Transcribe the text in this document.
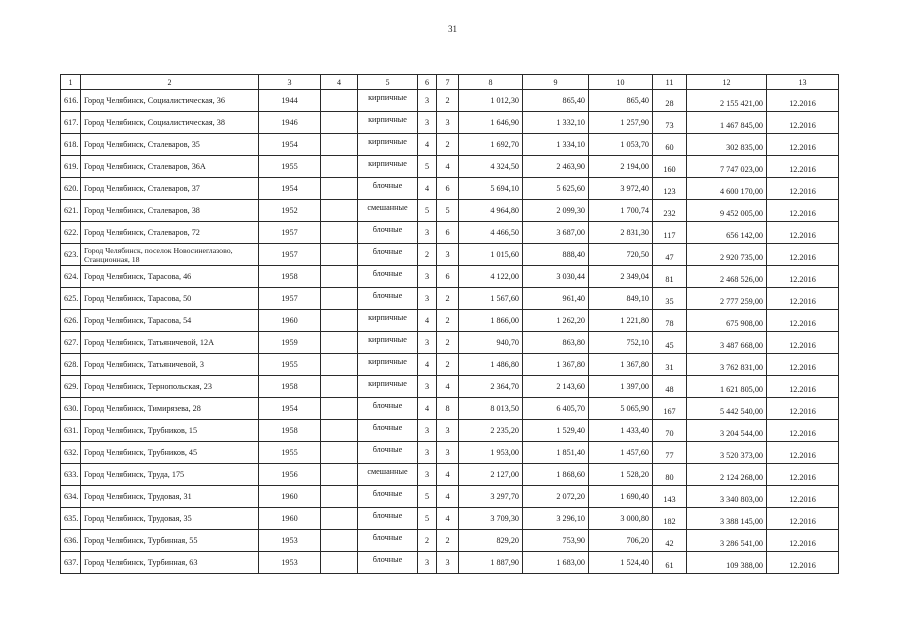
31
1	2	3	4	5	6	7	8	9	10	11	12	13
616.	Город Челябинск, Социалистическая, 36	1944		кирпичные	3	2	1 012,30	865,40	865,40	28	2 155 421,00	12.2016
617.	Город Челябинск, Социалистическая, 38	1946		кирпичные	3	3	1 646,90	1 332,10	1 257,90	73	1 467 845,00	12.2016
618.	Город Челябинск, Сталеваров, 35	1954		кирпичные	4	2	1 692,70	1 334,10	1 053,70	60	302 835,00	12.2016
619.	Город Челябинск, Сталеваров, 36А	1955		кирпичные	5	4	4 324,50	2 463,90	2 194,00	160	7 747 023,00	12.2016
620.	Город Челябинск, Сталеваров, 37	1954		блочные	4	6	5 694,10	5 625,60	3 972,40	123	4 600 170,00	12.2016
621.	Город Челябинск, Сталеваров, 38	1952		смешанные	5	5	4 964,80	2 099,30	1 700,74	232	9 452 005,00	12.2016
622.	Город Челябинск, Сталеваров, 72	1957		блочные	3	6	4 466,50	3 687,00	2 831,30	117	656 142,00	12.2016
623.	Город Челябинск, поселок Новосинеглазово, Станционная, 18	1957		блочные	2	3	1 015,60	888,40	720,50	47	2 920 735,00	12.2016
624.	Город Челябинск, Тарасова, 46	1958		блочные	3	6	4 122,00	3 030,44	2 349,04	81	2 468 526,00	12.2016
625.	Город Челябинск, Тарасова, 50	1957		блочные	3	2	1 567,60	961,40	849,10	35	2 777 259,00	12.2016
626.	Город Челябинск, Тарасова, 54	1960		кирпичные	4	2	1 866,00	1 262,20	1 221,80	78	675 908,00	12.2016
627.	Город Челябинск, Татьяничевой, 12А	1959		кирпичные	3	2	940,70	863,80	752,10	45	3 487 668,00	12.2016
628.	Город Челябинск, Татьяничевой, 3	1955		кирпичные	4	2	1 486,80	1 367,80	1 367,80	31	3 762 831,00	12.2016
629.	Город Челябинск, Тернопольская, 23	1958		кирпичные	3	4	2 364,70	2 143,60	1 397,00	48	1 621 805,00	12.2016
630.	Город Челябинск, Тимирязева, 28	1954		блочные	4	8	8 013,50	6 405,70	5 065,90	167	5 442 540,00	12.2016
631.	Город Челябинск, Трубников, 15	1958		блочные	3	3	2 235,20	1 529,40	1 433,40	70	3 204 544,00	12.2016
632.	Город Челябинск, Трубников, 45	1955		блочные	3	3	1 953,00	1 851,40	1 457,60	77	3 520 373,00	12.2016
633.	Город Челябинск, Труда, 175	1956		смешанные	3	4	2 127,00	1 868,60	1 528,20	80	2 124 268,00	12.2016
634.	Город Челябинск, Трудовая, 31	1960		блочные	5	4	3 297,70	2 072,20	1 690,40	143	3 340 803,00	12.2016
635.	Город Челябинск, Трудовая, 35	1960		блочные	5	4	3 709,30	3 296,10	3 000,80	182	3 388 145,00	12.2016
636.	Город Челябинск, Турбинная, 55	1953		блочные	2	2	829,20	753,90	706,20	42	3 286 541,00	12.2016
637.	Город Челябинск, Турбинная, 63	1953		блочные	3	3	1 887,90	1 683,00	1 524,40	61	109 388,00	12.2016
